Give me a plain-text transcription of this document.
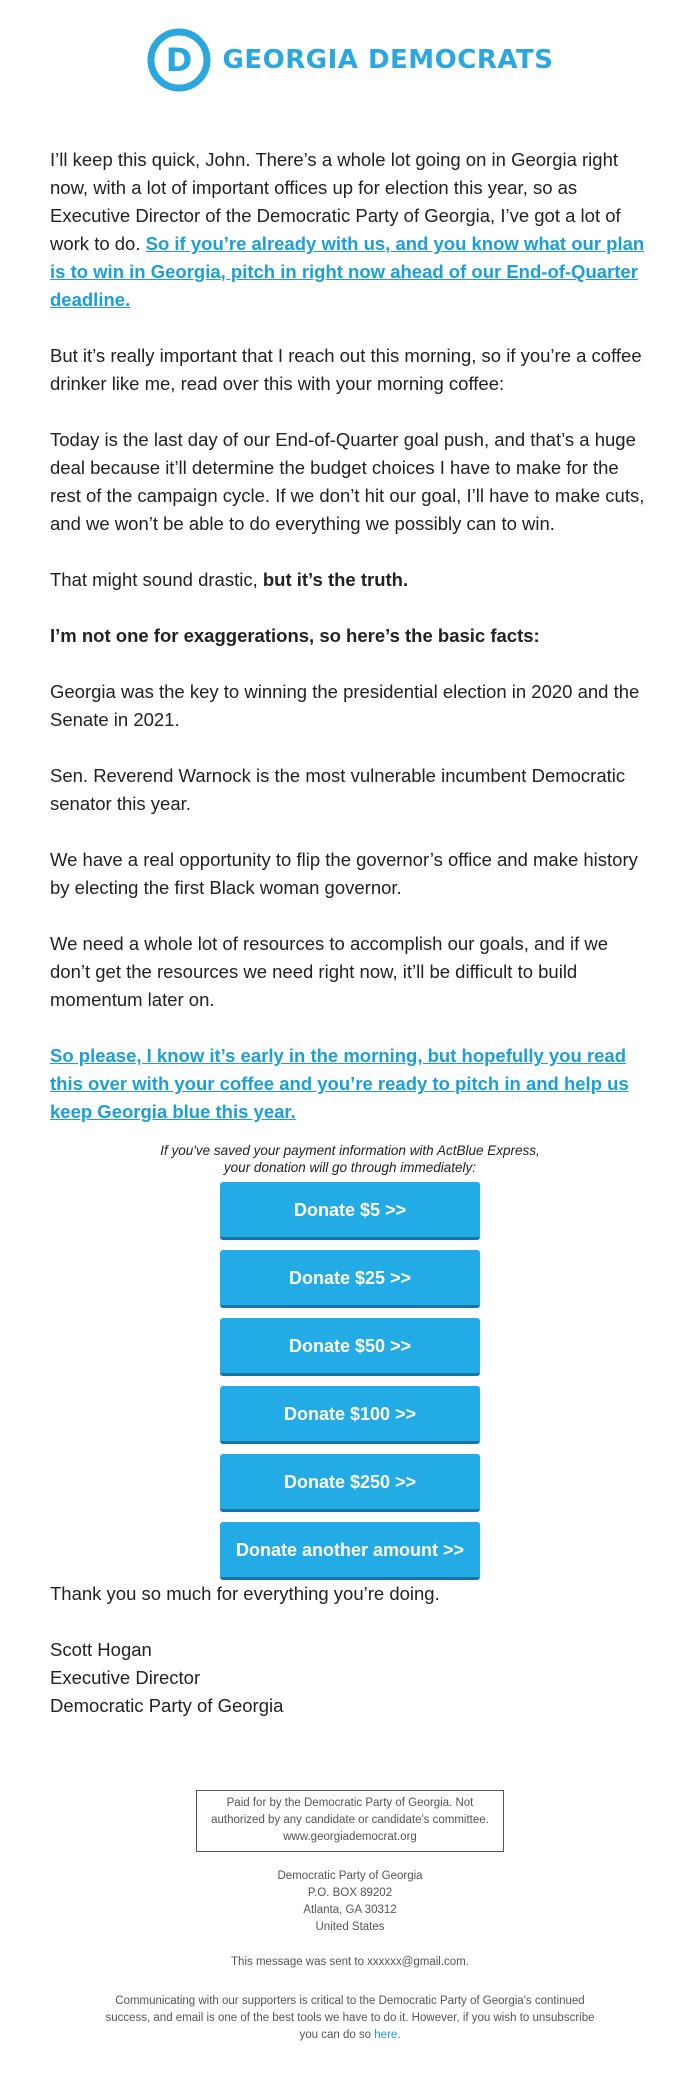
D GEORGIA DEMOCRATS

I’ll keep this quick, John. There’s a whole lot going on in Georgia right now, with a lot of important offices up for election this year, so as Executive Director of the Democratic Party of Georgia, I’ve got a lot of work to do. So if you’re already with us, and you know what our plan is to win in Georgia, pitch in right now ahead of our End-of-Quarter deadline.

But it’s really important that I reach out this morning, so if you’re a coffee drinker like me, read over this with your morning coffee:

Today is the last day of our End-of-Quarter goal push, and that’s a huge deal because it’ll determine the budget choices I have to make for the rest of the campaign cycle. If we don’t hit our goal, I’ll have to make cuts, and we won’t be able to do everything we possibly can to win.

That might sound drastic, but it’s the truth.

I’m not one for exaggerations, so here’s the basic facts:

Georgia was the key to winning the presidential election in 2020 and the Senate in 2021.

Sen. Reverend Warnock is the most vulnerable incumbent Democratic senator this year.

We have a real opportunity to flip the governor’s office and make history by electing the first Black woman governor.

We need a whole lot of resources to accomplish our goals, and if we don’t get the resources we need right now, it’ll be difficult to build momentum later on.

So please, I know it’s early in the morning, but hopefully you read this over with your coffee and you’re ready to pitch in and help us keep Georgia blue this year.

If you've saved your payment information with ActBlue Express,
your donation will go through immediately:
Donate $5 >>
Donate $25 >>
Donate $50 >>
Donate $100 >>
Donate $250 >>
Donate another amount >>

Thank you so much for everything you’re doing.

Scott Hogan

Executive Director

Democratic Party of Georgia

Paid for by the Democratic Party of Georgia. Not
authorized by any candidate or candidate's committee.
www.georgiademocrat.org
Democratic Party of Georgia
P.O. BOX 89202
Atlanta, GA 30312
United States
This message was sent to xxxxxx@gmail.com.
Communicating with our supporters is critical to the Democratic Party of Georgia's continued success, and email is one of the best tools we have to do it. However, if you wish to unsubscribe you can do so here.
